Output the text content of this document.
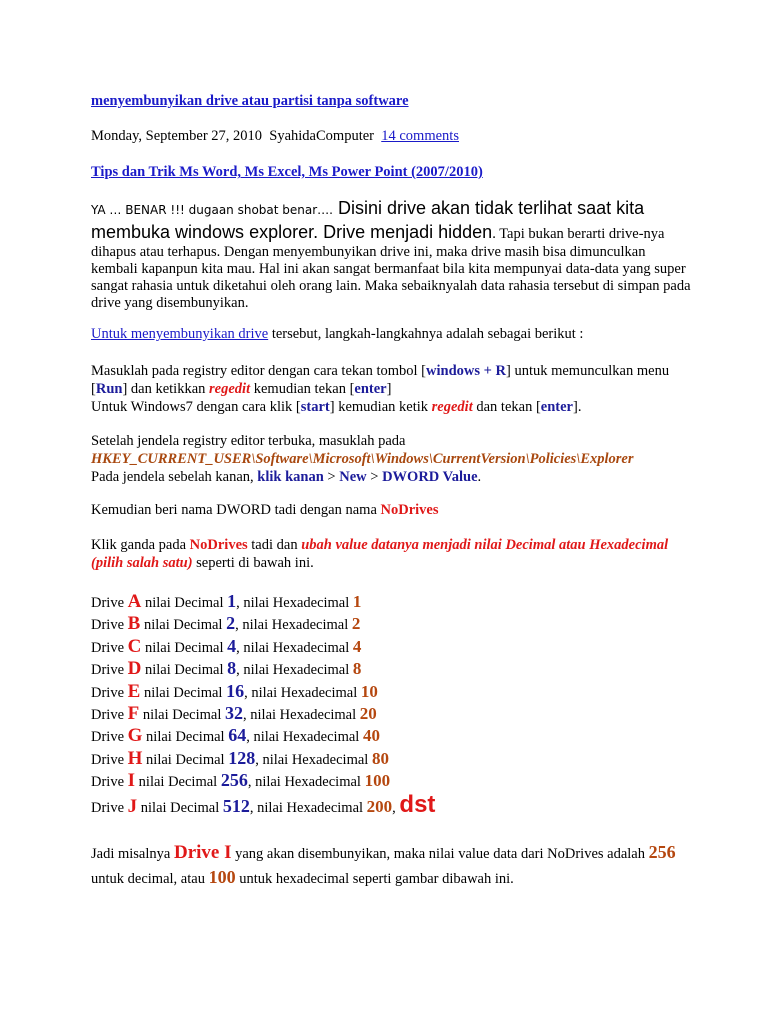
menyembunyikan drive atau partisi tanpa software
Monday, September 27, 2010 SyahidaComputer 14 comments
Tips dan Trik Ms Word, Ms Excel, Ms Power Point (2007/2010)
YA … BENAR !!! dugaan shobat benar…. Disini drive akan tidak terlihat saat kita membuka windows explorer. Drive menjadi hidden. Tapi bukan berarti drive-nya dihapus atau terhapus. Dengan menyembunyikan drive ini, maka drive masih bisa dimunculkan kembali kapanpun kita mau. Hal ini akan sangat bermanfaat bila kita mempunyai data-data yang super sangat rahasia untuk diketahui oleh orang lain. Maka sebaiknyalah data rahasia tersebut di simpan pada drive yang disembunyikan.
Untuk menyembunyikan drive tersebut, langkah-langkahnya adalah sebagai berikut :
Masuklah pada registry editor dengan cara tekan tombol [windows + R] untuk memunculkan menu [Run] dan ketikkan regedit kemudian tekan [enter]
Untuk Windows7 dengan cara klik [start] kemudian ketik regedit dan tekan [enter].
Setelah jendela registry editor terbuka, masuklah pada
HKEY_CURRENT_USER\Software\Microsoft\Windows\CurrentVersion\Policies\Explorer
Pada jendela sebelah kanan, klik kanan > New > DWORD Value.
Kemudian beri nama DWORD tadi dengan nama NoDrives
Klik ganda pada NoDrives tadi dan ubah value datanya menjadi nilai Decimal atau Hexadecimal (pilih salah satu) seperti di bawah ini.
Drive A nilai Decimal 1, nilai Hexadecimal 1
Drive B nilai Decimal 2, nilai Hexadecimal 2
Drive C nilai Decimal 4, nilai Hexadecimal 4
Drive D nilai Decimal 8, nilai Hexadecimal 8
Drive E nilai Decimal 16, nilai Hexadecimal 10
Drive F nilai Decimal 32, nilai Hexadecimal 20
Drive G nilai Decimal 64, nilai Hexadecimal 40
Drive H nilai Decimal 128, nilai Hexadecimal 80
Drive I nilai Decimal 256, nilai Hexadecimal 100
Drive J nilai Decimal 512, nilai Hexadecimal 200, dst
Jadi misalnya Drive I yang akan disembunyikan, maka nilai value data dari NoDrives adalah 256 untuk decimal, atau 100 untuk hexadecimal seperti gambar dibawah ini.
